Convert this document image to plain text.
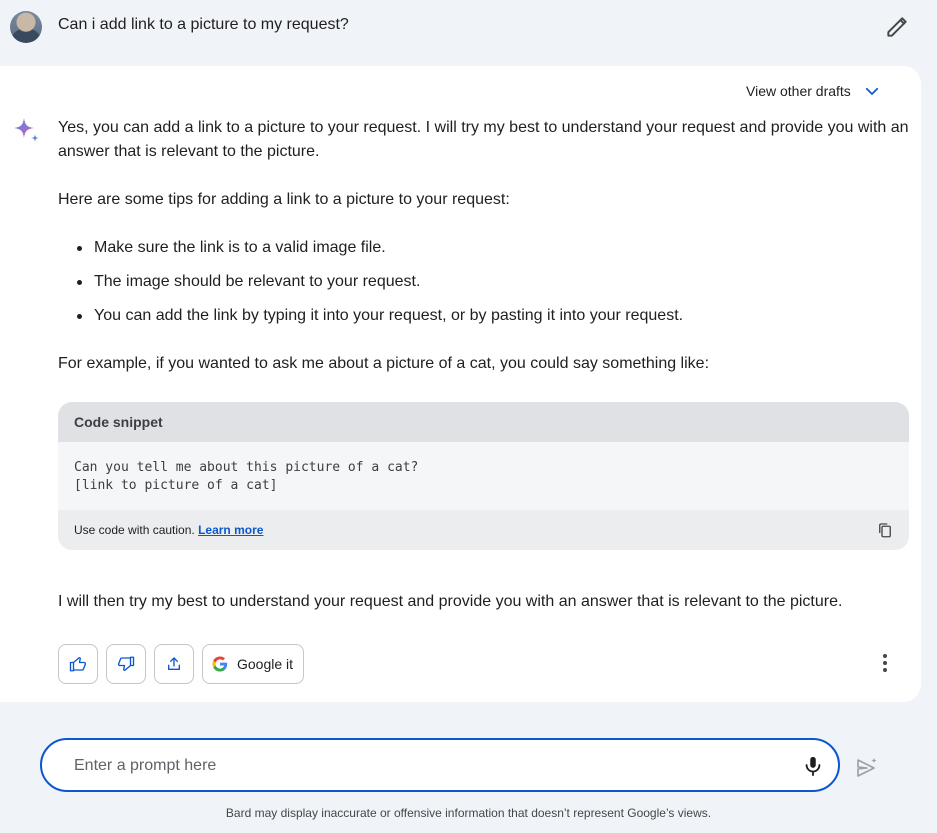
Can i add link to a picture to my request?
View other drafts

Yes, you can add a link to a picture to your request. I will try my best to understand your request and provide you with an answer that is relevant to the picture.

Here are some tips for adding a link to a picture to your request:

Make sure the link is to a valid image file.
The image should be relevant to your request.
You can add the link by typing it into your request, or by pasting it into your request.

For example, if you wanted to ask me about a picture of a cat, you could say something like:

Code snippet
Can you tell me about this picture of a cat?
[link to picture of a cat]
Use code with caution. Learn more

I will then try my best to understand your request and provide you with an answer that is relevant to the picture.

Google it
Enter a prompt here
Bard may display inaccurate or offensive information that doesn’t represent Google’s views.
